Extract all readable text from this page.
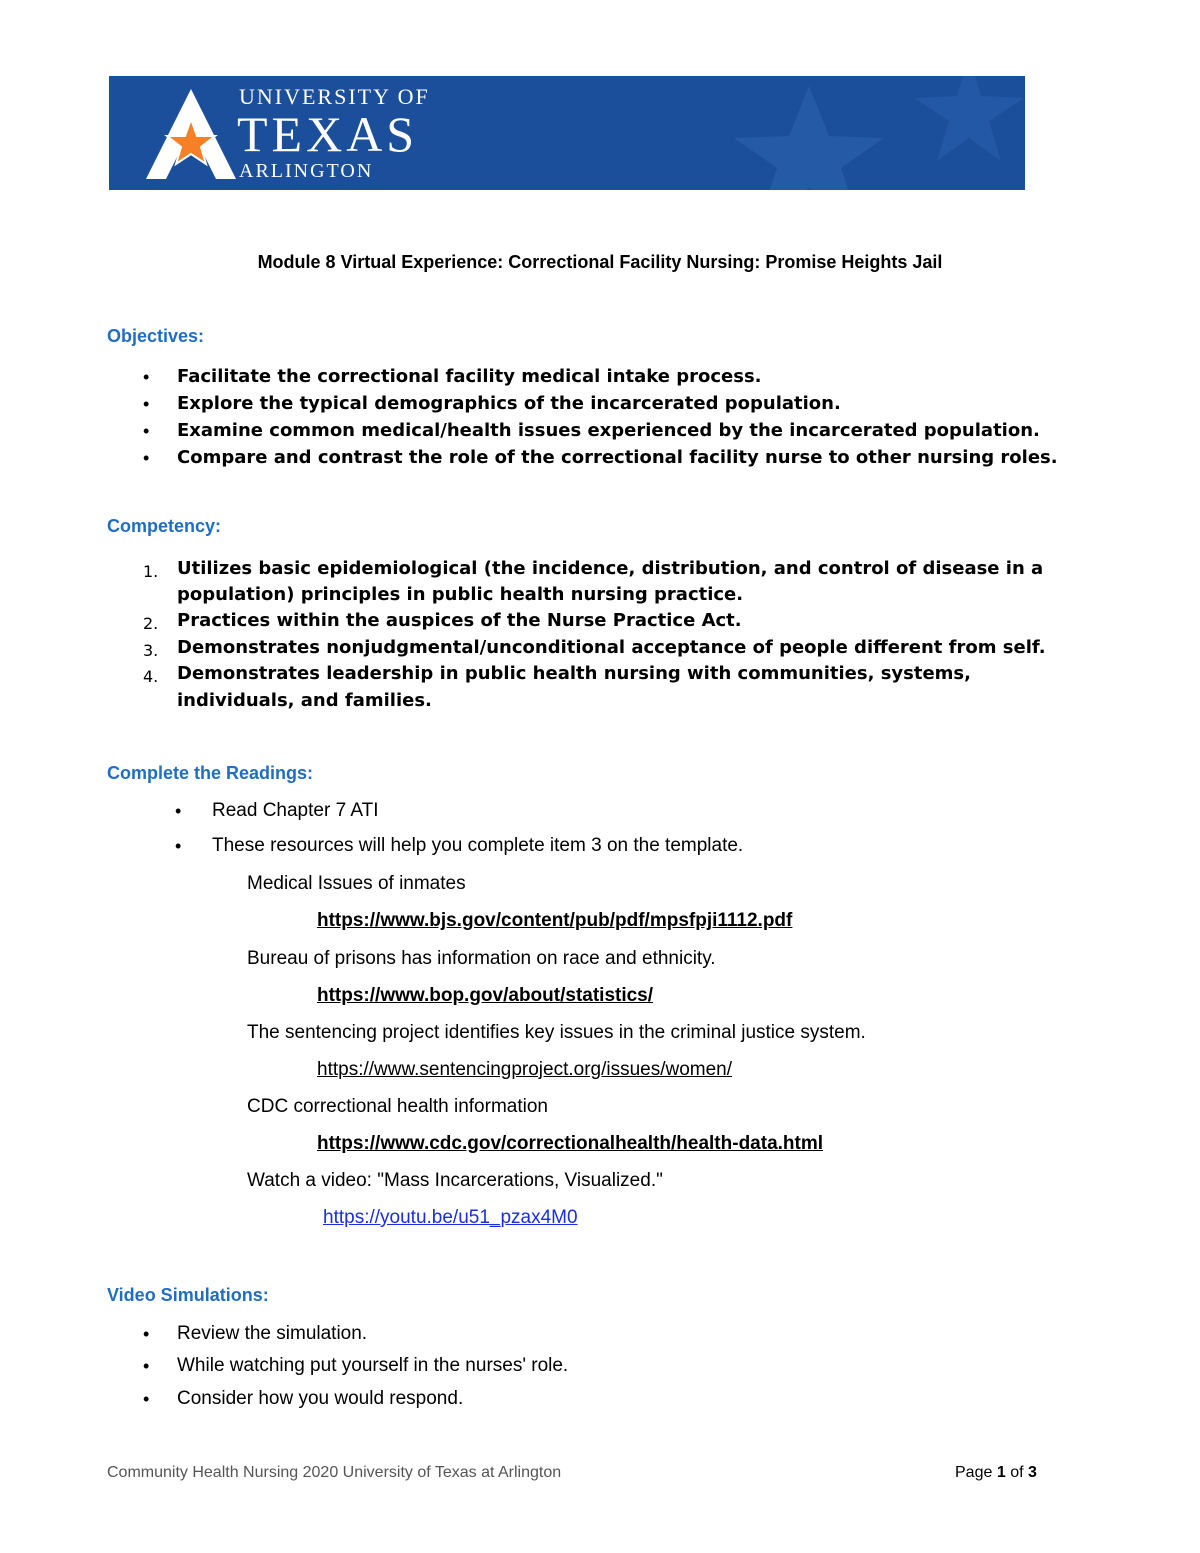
UNIVERSITY OF
TEXAS
ARLINGTON
Module 8 Virtual Experience: Correctional Facility Nursing: Promise Heights Jail
Objectives:
• Facilitate the correctional facility medical intake process.
• Explore the typical demographics of the incarcerated population.
• Examine common medical/health issues experienced by the incarcerated population.
• Compare and contrast the role of the correctional facility nurse to other nursing roles.
Competency:
1. Utilizes basic epidemiological (the incidence, distribution, and control of disease in a
population) principles in public health nursing practice.
2. Practices within the auspices of the Nurse Practice Act.
3. Demonstrates nonjudgmental/unconditional acceptance of people different from self.
4. Demonstrates leadership in public health nursing with communities, systems,
individuals, and families.
Complete the Readings:
• Read Chapter 7 ATI
• These resources will help you complete item 3 on the template.
Medical Issues of inmates
https://www.bjs.gov/content/pub/pdf/mpsfpji1112.pdf
Bureau of prisons has information on race and ethnicity.
https://www.bop.gov/about/statistics/
The sentencing project identifies key issues in the criminal justice system.
https://www.sentencingproject.org/issues/women/
CDC correctional health information
https://www.cdc.gov/correctionalhealth/health-data.html
Watch a video: "Mass Incarcerations, Visualized."
https://youtu.be/u51_pzax4M0
Video Simulations:
• Review the simulation.
• While watching put yourself in the nurses' role.
• Consider how you would respond.
Community Health Nursing 2020 University of Texas at Arlington	Page 1 of 3
